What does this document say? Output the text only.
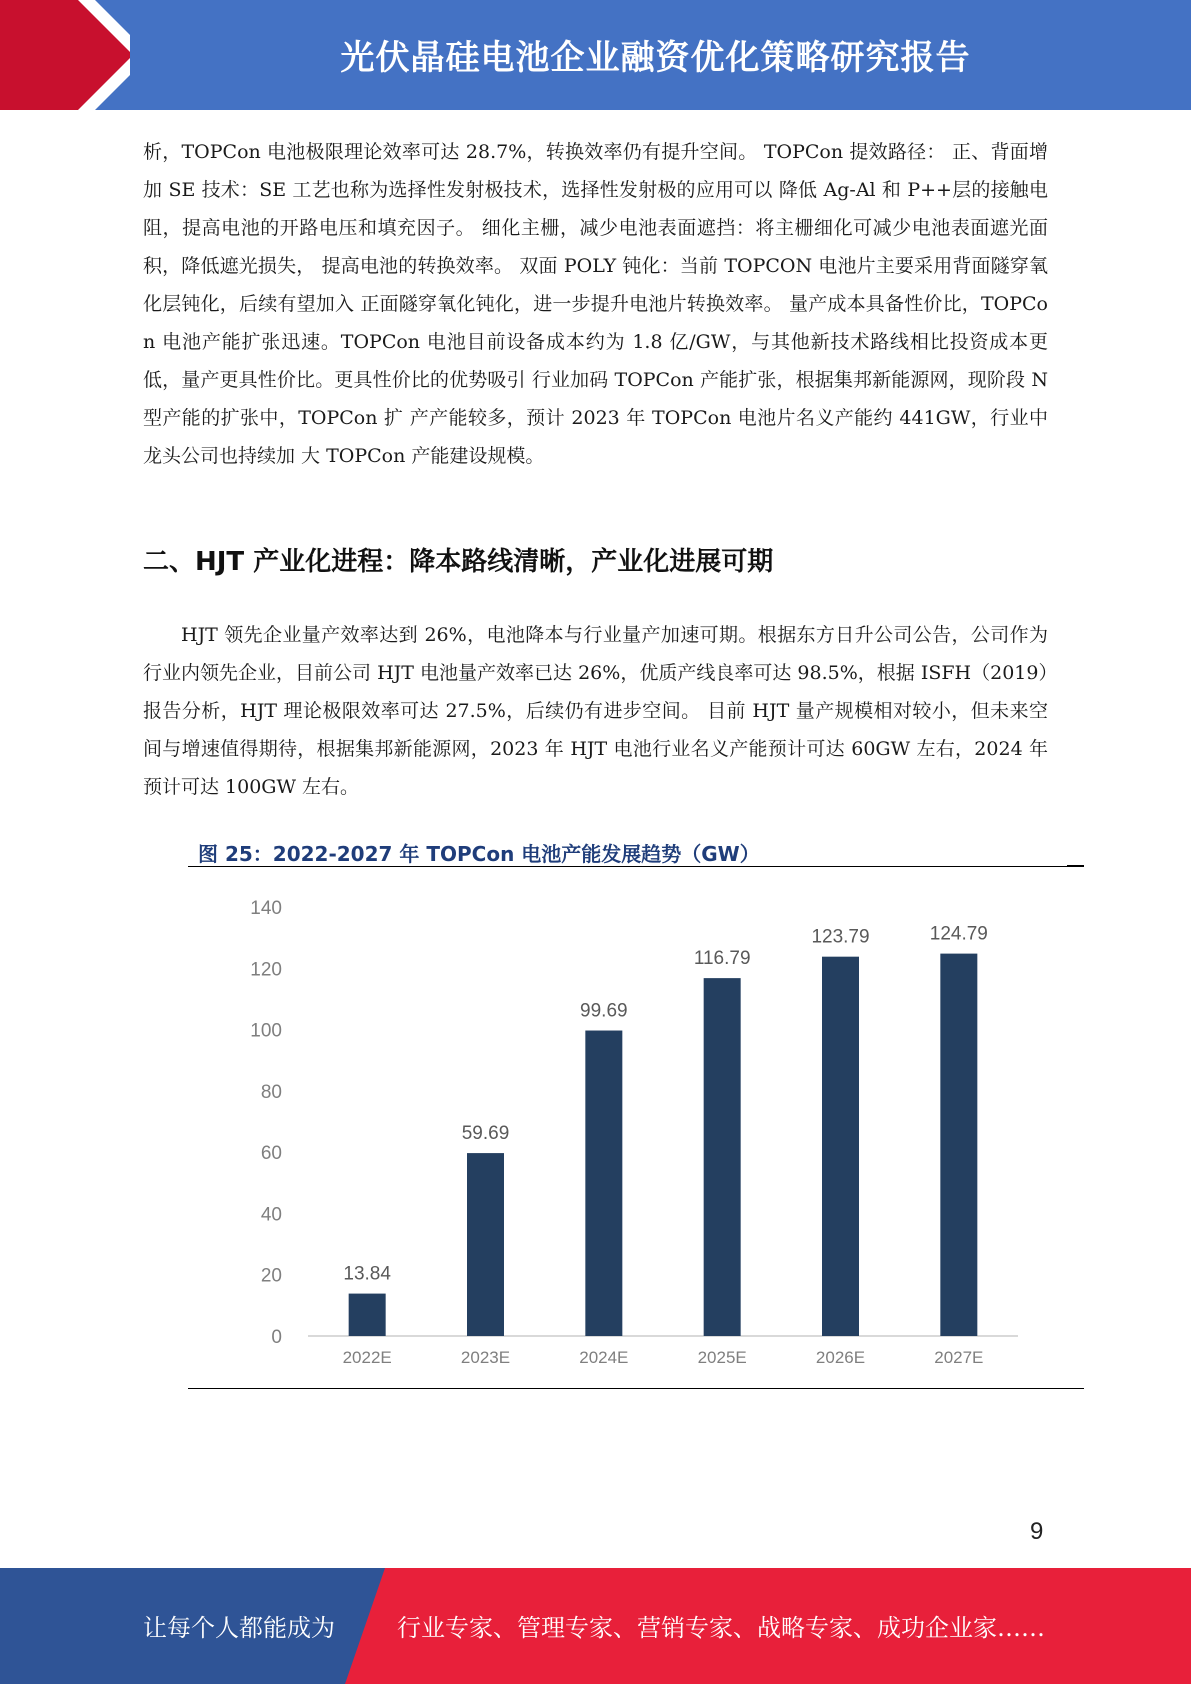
光伏晶硅电池企业融资优化策略研究报告
析，TOPCon 电池极限理论效率可达 28.7%，转换效率仍有提升空间。 TOPCon 提效路径： 正、背面增加 SE 技术：SE 工艺也称为选择性发射极技术，选择性发射极的应用可以 降低 Ag-Al 和 P++层的接触电阻，提高电池的开路电压和填充因子。 细化主栅，减少电池表面遮挡：将主栅细化可减少电池表面遮光面积，降低遮光损失， 提高电池的转换效率。 双面 POLY 钝化：当前 TOPCON 电池片主要采用背面隧穿氧化层钝化，后续有望加入 正面隧穿氧化钝化，进一步提升电池片转换效率。 量产成本具备性价比，TOPCon 电池产能扩张迅速。TOPCon 电池目前设备成本约为 1.8 亿/GW，与其他新技术路线相比投资成本更低，量产更具性价比。更具性价比的优势吸引 行业加码 TOPCon 产能扩张，根据集邦新能源网，现阶段 N 型产能的扩张中，TOPCon 扩 产产能较多，预计 2023 年 TOPCon 电池片名义产能约 441GW，行业中龙头公司也持续加 大 TOPCon 产能建设规模。
二、HJT 产业化进程：降本路线清晰，产业化进展可期
HJT 领先企业量产效率达到 26%，电池降本与行业量产加速可期。根据东方日升公司公告，公司作为行业内领先企业，目前公司 HJT 电池量产效率已达 26%，优质产线良率可达 98.5%，根据 ISFH（2019）报告分析，HJT 理论极限效率可达 27.5%，后续仍有进步空间。 目前 HJT 量产规模相对较小，但未来空间与增速值得期待，根据集邦新能源网，2023 年 HJT 电池行业名义产能预计可达 60GW 左右，2024 年预计可达 100GW 左右。
图 25：2022-2027 年 TOPCon 电池产能发展趋势（GW）
0
20
40
60
80
100
120
140
13.84
2022E
59.69
2023E
99.69
2024E
116.79
2025E
123.79
2026E
124.79
2027E
9
让每个人都能成为	行业专家、管理专家、营销专家、战略专家、成功企业家……
